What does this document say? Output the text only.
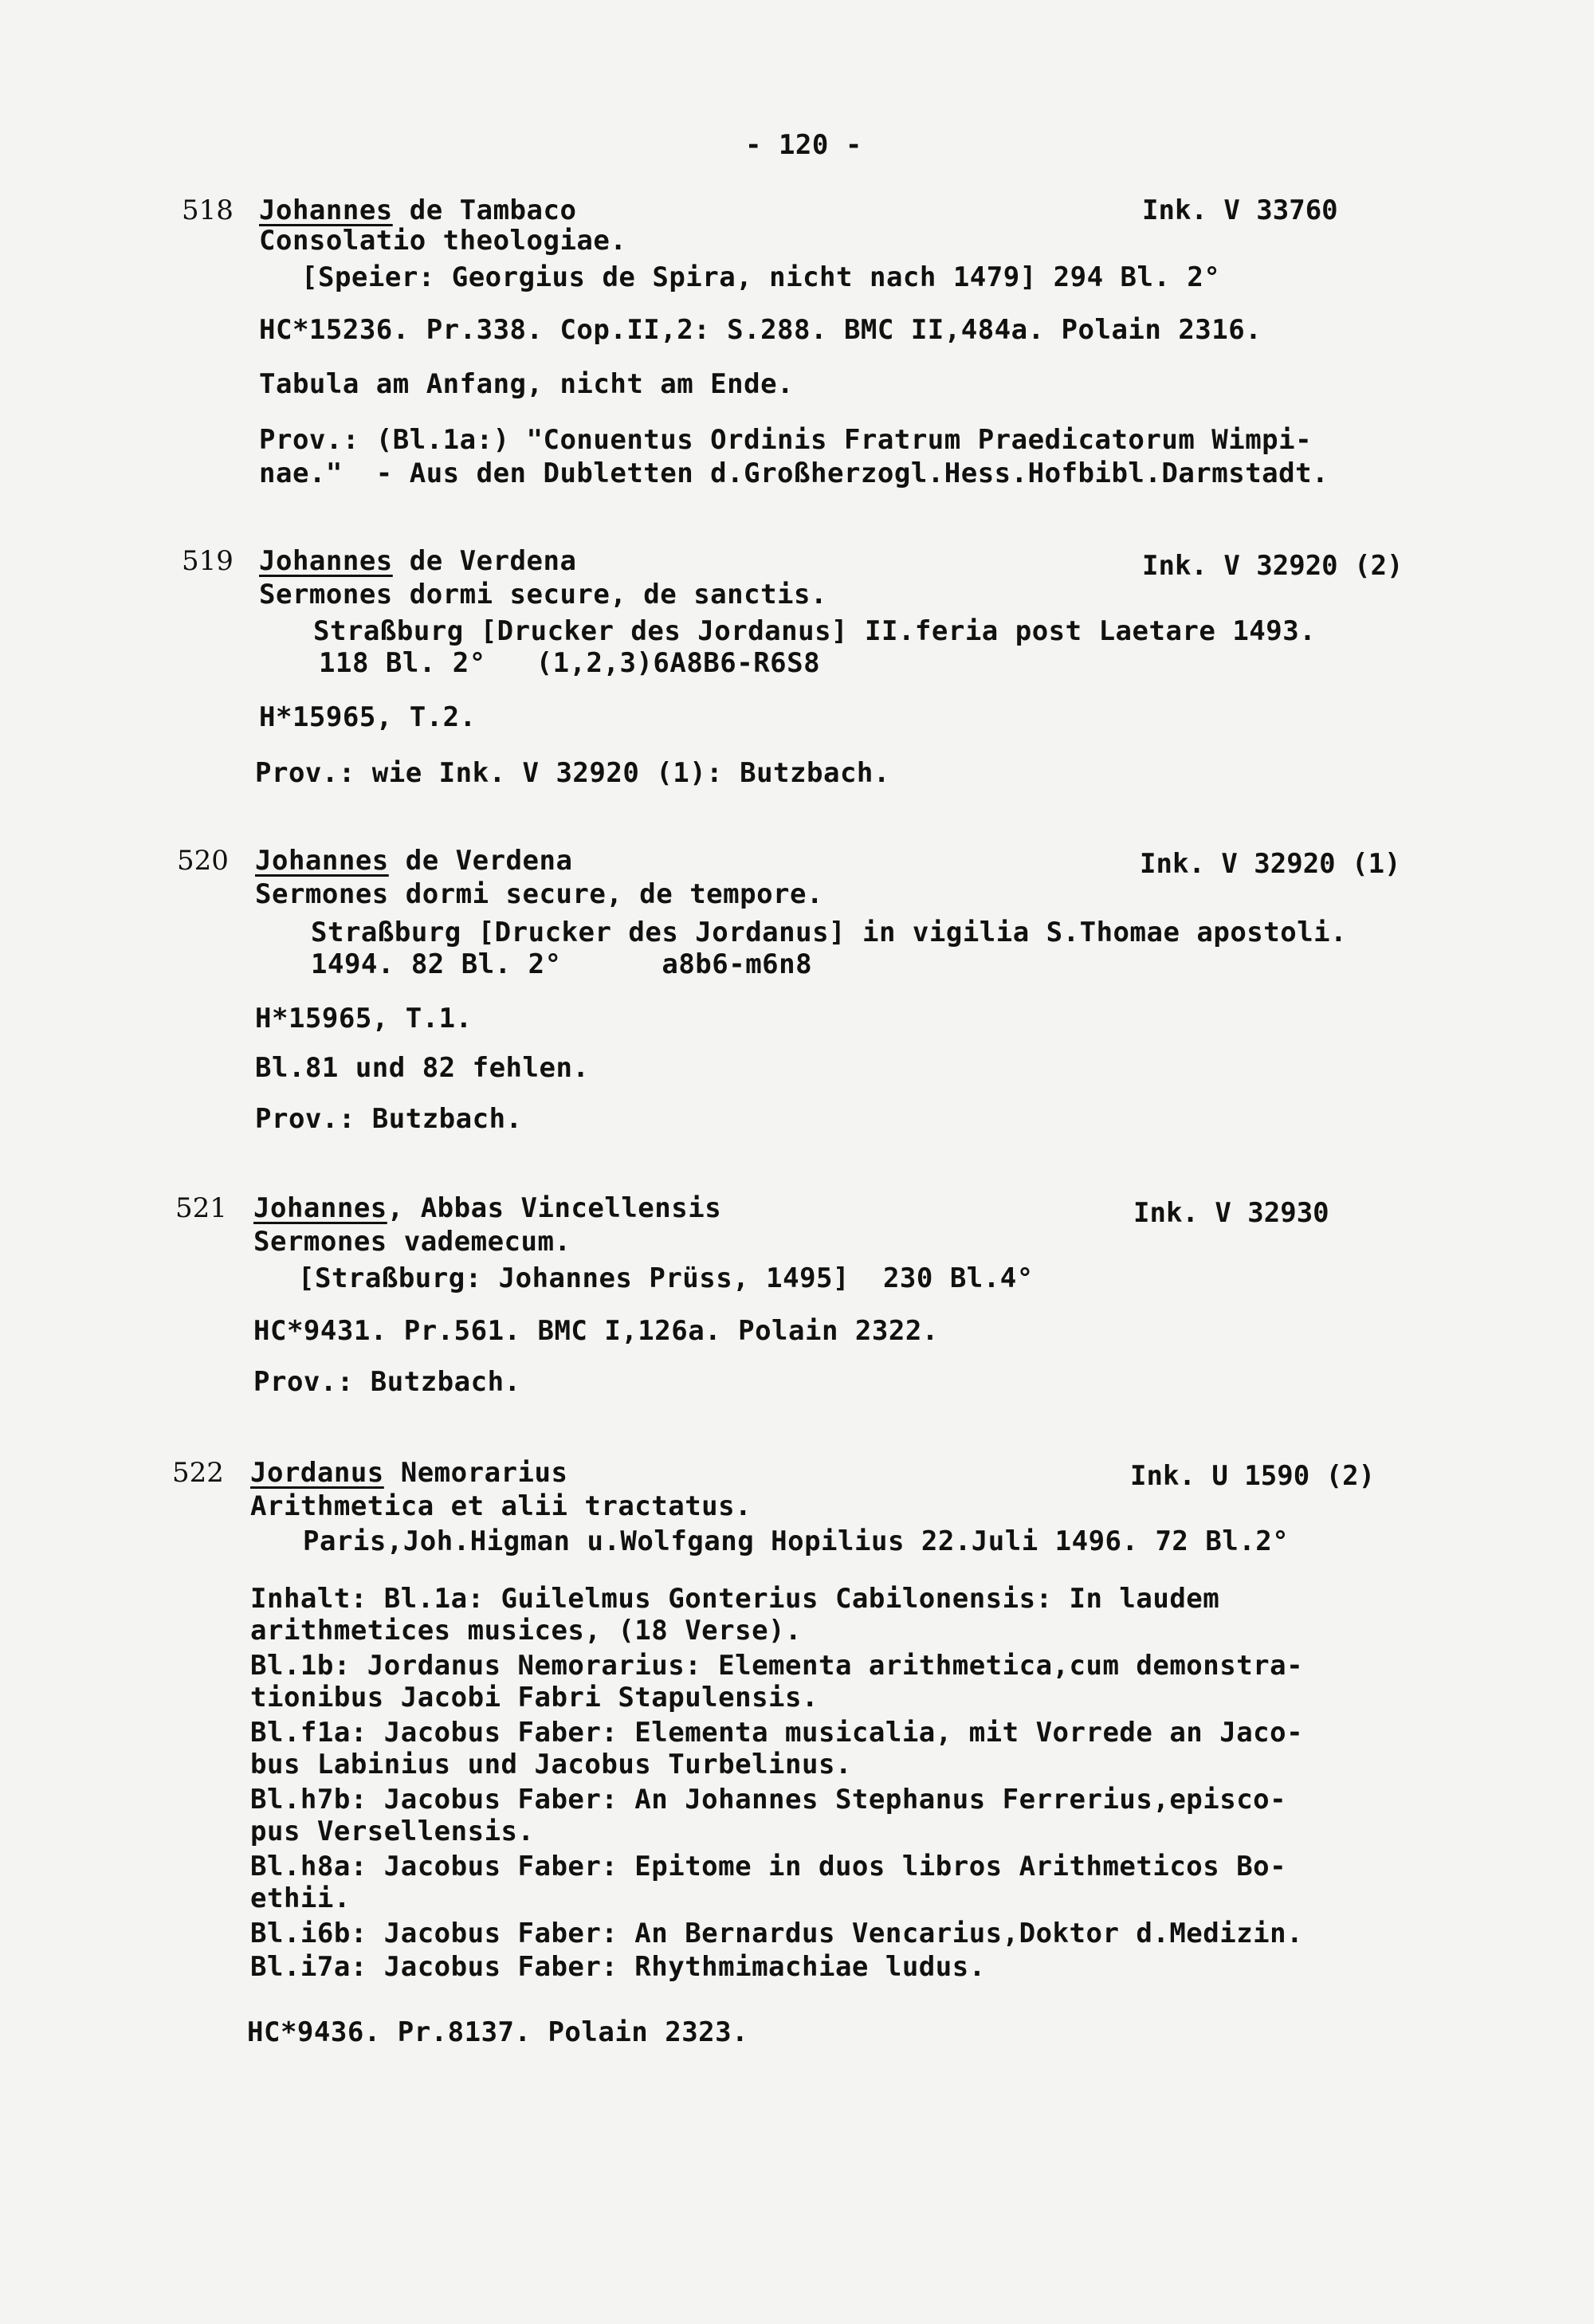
- 120 -
518 Johannes de Tambaco	Ink. V 33760
Consolatio theologiae.
[Speier: Georgius de Spira, nicht nach 1479] 294 Bl. 2°
HC*15236. Pr.338. Cop.II,2: S.288. BMC II,484a. Polain 2316.
Tabula am Anfang, nicht am Ende.
Prov.: (Bl.1a:) "Conuentus Ordinis Fratrum Praedicatorum Wimpi-
nae."  - Aus den Dubletten d.Großherzogl.Hess.Hofbibl.Darmstadt.
519 Johannes de Verdena	Ink. V 32920 (2)
Sermones dormi secure, de sanctis.
Straßburg [Drucker des Jordanus] II.feria post Laetare 1493.
118 Bl. 2°   (1,2,3)6A8B6-R6S8
H*15965, T.2.
Prov.: wie Ink. V 32920 (1): Butzbach.
520 Johannes de Verdena	Ink. V 32920 (1)
Sermones dormi secure, de tempore.
Straßburg [Drucker des Jordanus] in vigilia S.Thomae apostoli.
1494. 82 Bl. 2°      a8b6-m6n8
H*15965, T.1.
Bl.81 und 82 fehlen.
Prov.: Butzbach.
521 Johannes, Abbas Vincellensis	Ink. V 32930
Sermones vademecum.
[Straßburg: Johannes Prüss, 1495]  230 Bl.4°
HC*9431. Pr.561. BMC I,126a. Polain 2322.
Prov.: Butzbach.
522 Jordanus Nemorarius	Ink. U 1590 (2)
Arithmetica et alii tractatus.
Paris,Joh.Higman u.Wolfgang Hopilius 22.Juli 1496. 72 Bl.2°
Inhalt: Bl.1a: Guilelmus Gonterius Cabilonensis: In laudem
arithmetices musices, (18 Verse).
Bl.1b: Jordanus Nemorarius: Elementa arithmetica,cum demonstra-
tionibus Jacobi Fabri Stapulensis.
Bl.f1a: Jacobus Faber: Elementa musicalia, mit Vorrede an Jaco-
bus Labinius und Jacobus Turbelinus.
Bl.h7b: Jacobus Faber: An Johannes Stephanus Ferrerius,episco-
pus Versellensis.
Bl.h8a: Jacobus Faber: Epitome in duos libros Arithmeticos Bo-
ethii.
Bl.i6b: Jacobus Faber: An Bernardus Vencarius,Doktor d.Medizin.
Bl.i7a: Jacobus Faber: Rhythmimachiae ludus.
HC*9436. Pr.8137. Polain 2323.
